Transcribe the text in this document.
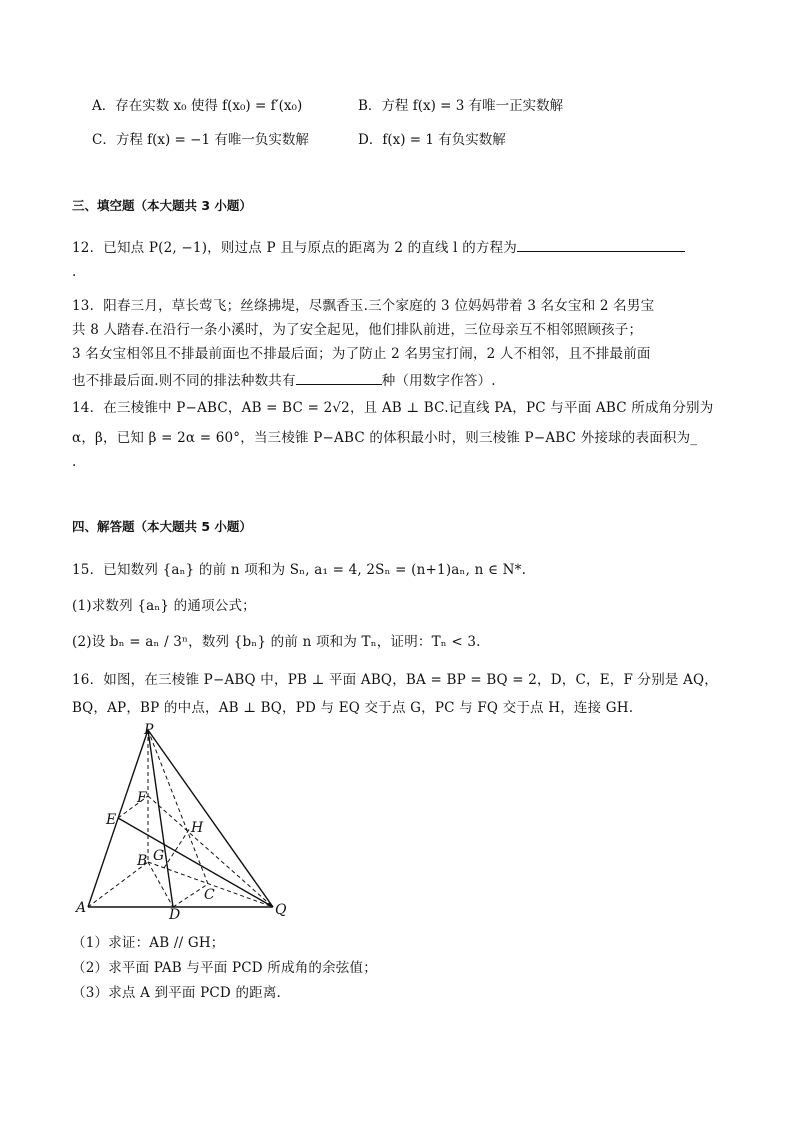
A．存在实数 x₀ 使得 f(x₀) = f′(x₀)	B．方程 f(x) = 3 有唯一正实数解
C．方程 f(x) = −1 有唯一负实数解	D．f(x) = 1 有负实数解
三、填空题（本大题共 3 小题）
12．已知点 P(2, −1)，则过点 P 且与原点的距离为 2 的直线 l 的方程为
.
13．阳春三月，草长莺飞；丝绦拂堤，尽飘香玉.三个家庭的 3 位妈妈带着 3 名女宝和 2 名男宝
共 8 人踏春.在沿行一条小溪时，为了安全起见，他们排队前进，三位母亲互不相邻照顾孩子；
3 名女宝相邻且不排最前面也不排最后面；为了防止 2 名男宝打闹，2 人不相邻，且不排最前面
也不排最后面.则不同的排法种数共有	种（用数字作答）.
14．在三棱锥中 P−ABC，AB = BC = 2√2，且 AB ⊥ BC.记直线 PA，PC 与平面 ABC 所成角分别为
α，β，已知 β = 2α = 60°，当三棱锥 P−ABC 的体积最小时，则三棱锥 P−ABC 外接球的表面积为_
.
四、解答题（本大题共 5 小题）
15．已知数列 {aₙ} 的前 n 项和为 Sₙ, a₁ = 4, 2Sₙ = (n+1)aₙ, n ∈ N*.
(1)求数列 {aₙ} 的通项公式；
(2)设 bₙ = aₙ / 3ⁿ，数列 {bₙ} 的前 n 项和为 Tₙ，证明：Tₙ < 3.
16．如图，在三棱锥 P−ABQ 中，PB ⊥ 平面 ABQ，BA = BP = BQ = 2，D，C，E，F 分别是 AQ，
BQ，AP，BP 的中点，AB ⊥ BQ，PD 与 EQ 交于点 G，PC 与 FQ 交于点 H，连接 GH.
P
F
E	H
G
B
C
A	D	Q
（1）求证：AB // GH；
（2）求平面 PAB 与平面 PCD 所成角的余弦值；
（3）求点 A 到平面 PCD 的距离.
